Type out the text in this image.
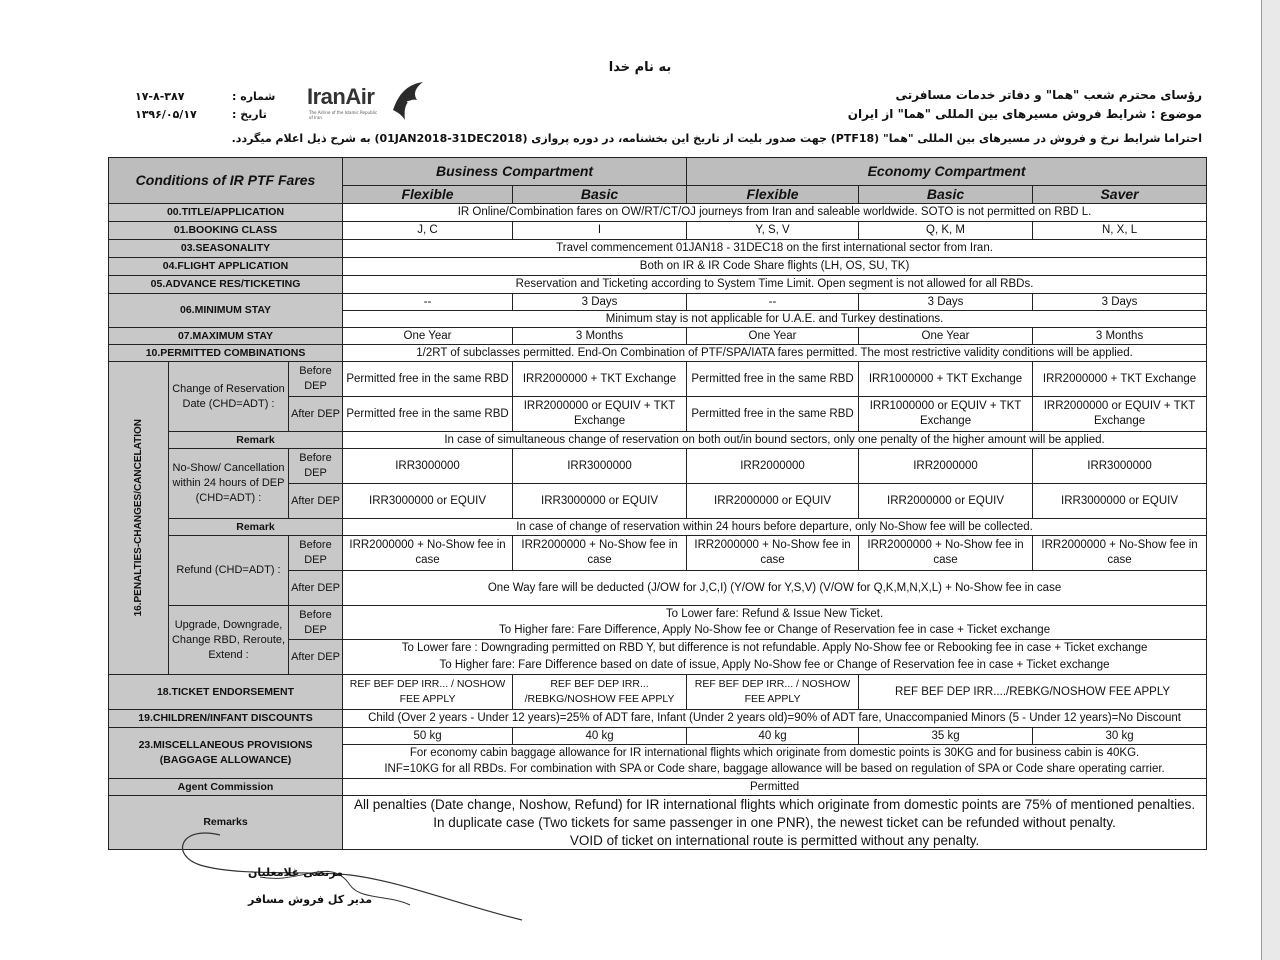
به نام خدا
رؤسای محترم شعب "هما" و دفاتر خدمات مسافرتی
موضوع : شرایط فروش مسیرهای بین المللی "هما" از ایران
احتراما شرایط نرخ و فروش در مسیرهای بین المللی "هما" (PTF18) جهت صدور بلیت از تاریخ این بخشنامه، در دوره پروازی (01JAN2018-31DEC2018) به شرح ذیل اعلام میگردد.
۱۷-۸-۳۸۷	شماره :
۱۳۹۶/۰۵/۱۷	تاریخ :
IranAir
The Airline of the Islamic Republic of Iran
Conditions of IR PTF Fares			Business Compartment		Economy Compartment		
			Flexible	Basic	Flexible	Basic	Saver
00.TITLE/APPLICATION			IR Online/Combination fares on OW/RT/CT/OJ journeys from Iran and saleable worldwide. SOTO is not permitted on RBD L.				
01.BOOKING CLASS			J, C	I	Y, S, V	Q, K, M	N, X, L
03.SEASONALITY			Travel commencement 01JAN18 - 31DEC18 on the first international sector from Iran.				
04.FLIGHT APPLICATION			Both on IR & IR Code Share flights (LH, OS, SU, TK)				
05.ADVANCE RES/TICKETING			Reservation and Ticketing according to System Time Limit. Open segment is not allowed for all RBDs.				
06.MINIMUM STAY			--	3 Days	--	3 Days	3 Days
			Minimum stay is not applicable for U.A.E. and Turkey destinations.				
07.MAXIMUM STAY			One Year	3 Months	One Year	One Year	3 Months
10.PERMITTED COMBINATIONS			1/2RT of subclasses permitted. End-On Combination of PTF/SPA/IATA fares permitted. The most restrictive validity conditions will be applied.				

16.PENALTIES-CHANGES/CANCELATION	Change of Reservation Date (CHD=ADT) :	Before DEP	Permitted free in the same RBD	IRR2000000 + TKT Exchange	Permitted free in the same RBD	IRR1000000 + TKT Exchange	IRR2000000 + TKT Exchange
		After DEP	Permitted free in the same RBD	IRR2000000 or EQUIV + TKT Exchange	Permitted free in the same RBD	IRR1000000 or EQUIV + TKT Exchange	IRR2000000 or EQUIV + TKT Exchange
	Remark		In case of simultaneous change of reservation on both out/in bound sectors, only one penalty of the higher amount will be applied.				
	No-Show/ Cancellation within 24 hours of DEP (CHD=ADT) :	Before DEP	IRR3000000	IRR3000000	IRR2000000	IRR2000000	IRR3000000
		After DEP	IRR3000000 or EQUIV	IRR3000000 or EQUIV	IRR2000000 or EQUIV	IRR2000000 or EQUIV	IRR3000000 or EQUIV
	Remark		In case of change of reservation within 24 hours before departure, only No-Show fee will be collected.				
	Refund (CHD=ADT) :	Before DEP	IRR2000000 + No-Show fee in case	IRR2000000 + No-Show fee in case	IRR2000000 + No-Show fee in case	IRR2000000 + No-Show fee in case	IRR2000000 + No-Show fee in case
		After DEP	One Way fare will be deducted (J/OW for J,C,I) (Y/OW for Y,S,V) (V/OW for Q,K,M,N,X,L) + No-Show fee in case				
	Upgrade, Downgrade, Change RBD, Reroute, Extend :	Before DEP	To Lower fare: Refund & Issue New Ticket.				
			To Higher fare: Fare Difference, Apply No-Show fee or Change of Reservation fee in case + Ticket exchange				
		After DEP	To Lower fare : Downgrading permitted on RBD Y, but difference is not refundable. Apply No-Show fee or Rebooking fee in case + Ticket exchange				
			To Higher fare: Fare Difference based on date of issue, Apply No-Show fee or Change of Reservation fee in case + Ticket exchange				
18.TICKET ENDORSEMENT			REF BEF DEP IRR... / NOSHOW FEE APPLY	REF BEF DEP IRR... /REBKG/NOSHOW FEE APPLY	REF BEF DEP IRR... / NOSHOW FEE APPLY	REF BEF DEP IRR..../REBKG/NOSHOW FEE APPLY	
19.CHILDREN/INFANT DISCOUNTS			Child (Over 2 years - Under 12 years)=25% of ADT fare, Infant (Under 2 years old)=90% of ADT fare, Unaccompanied Minors (5 - Under 12 years)=No Discount				
23.MISCELLANEOUS PROVISIONS (BAGGAGE ALLOWANCE)			50 kg	40 kg	40 kg	35 kg	30 kg
			For economy cabin baggage allowance for IR international flights which originate from domestic points is 30KG and for business cabin is 40KG.				
			INF=10KG for all RBDs. For combination with SPA or Code share, baggage allowance will be based on regulation of SPA or Code share operating carrier.				
Agent Commission			Permitted				
Remarks			All penalties (Date change, Noshow, Refund) for IR international flights which originate from domestic points are 75% of mentioned penalties.				
			In duplicate case (Two tickets for same passenger in one PNR), the newest ticket can be refunded without penalty.				
			VOID of ticket on international route is permitted without any penalty.				
مرتضی غلامعلیان
مدیر کل فروش مسافر
